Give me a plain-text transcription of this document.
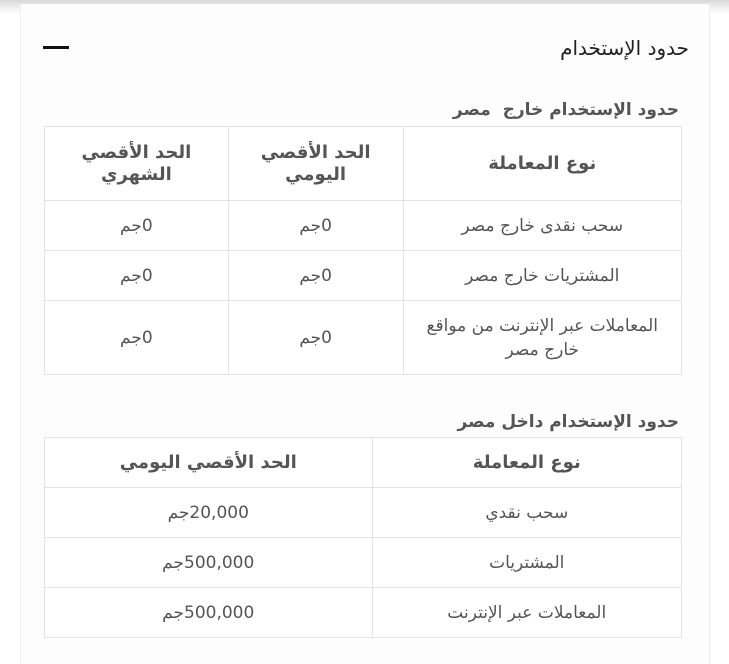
حدود الإستخدام
حدود الإستخدام خارج  مصر
نوع المعاملة	الحد الأقصي اليومي	الحد الأقصي الشهري
سحب نقدى خارج مصر	0جم	0جم
المشتريات خارج مصر	0جم	0جم
المعاملات عبر الإنترنت من مواقع خارج مصر	0جم	0جم
حدود الإستخدام داخل مصر
نوع المعاملة	الحد الأقصي اليومي
سحب نقدي	20,000جم
المشتريات	500,000جم
المعاملات عبر الإنترنت	500,000جم
